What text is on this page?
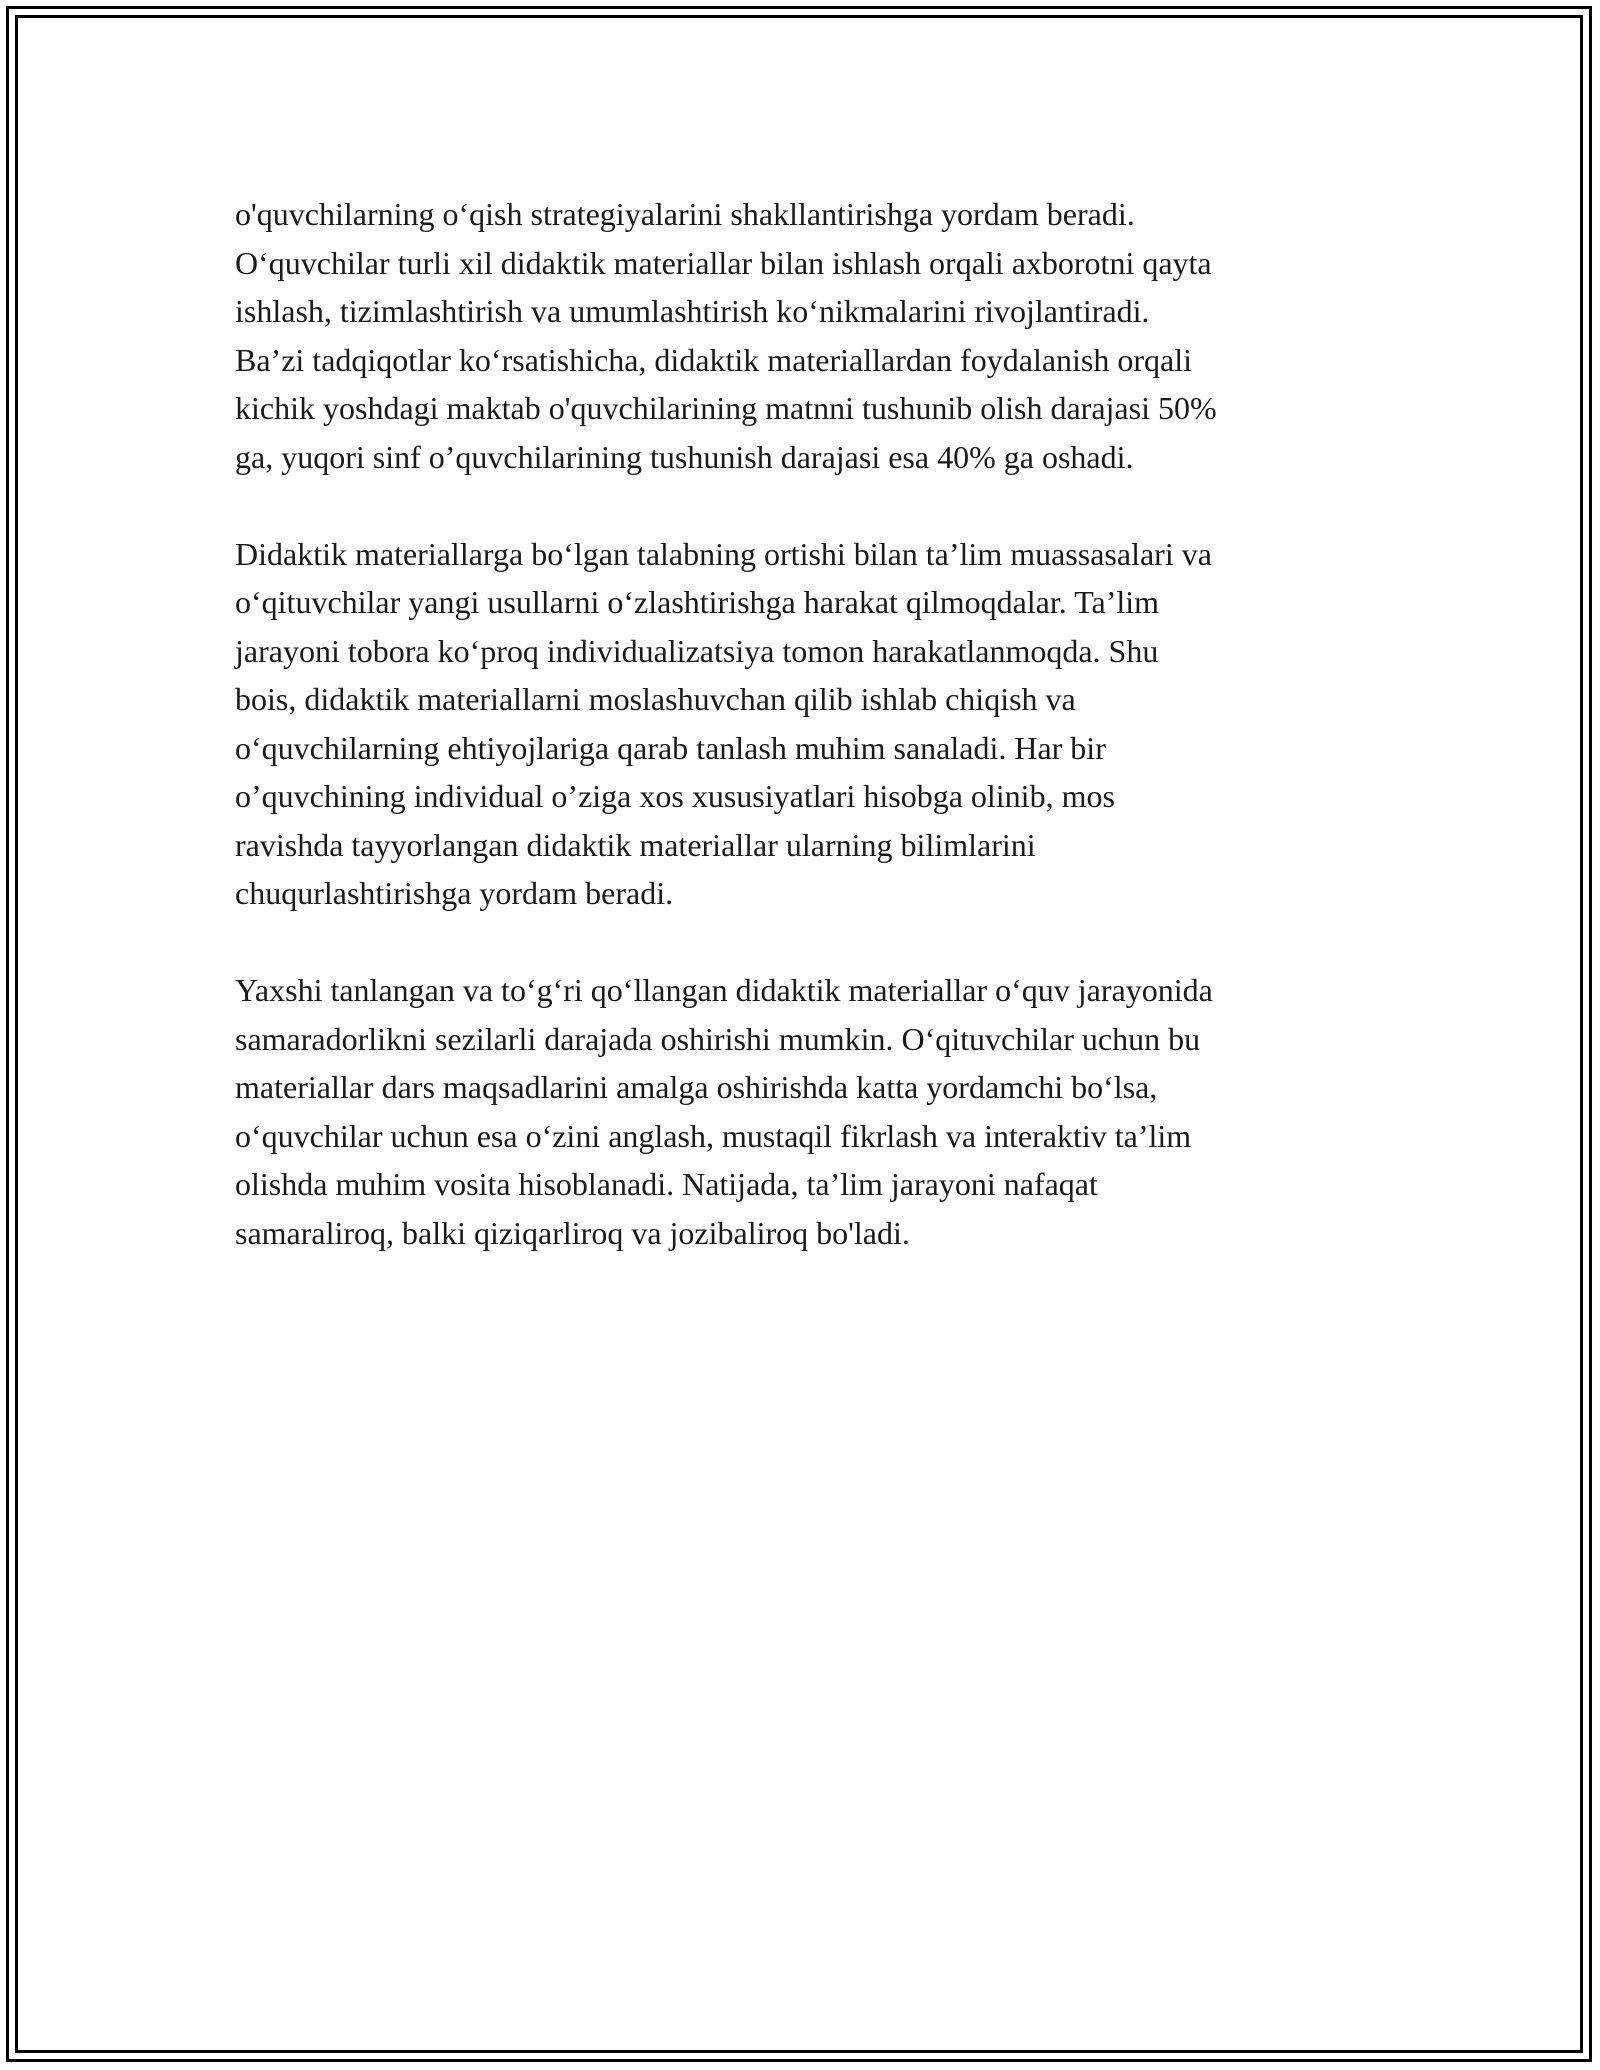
o'quvchilarning o‘qish strategiyalarini shakllantirishga yordam beradi.
O‘quvchilar turli xil didaktik materiallar bilan ishlash orqali axborotni qayta
ishlash, tizimlashtirish va umumlashtirish ko‘nikmalarini rivojlantiradi.
Ba’zi tadqiqotlar ko‘rsatishicha, didaktik materiallardan foydalanish orqali
kichik yoshdagi maktab o'quvchilarining matnni tushunib olish darajasi 50%
ga, yuqori sinf o’quvchilarining tushunish darajasi esa 40% ga oshadi.
Didaktik materiallarga bo‘lgan talabning ortishi bilan ta’lim muassasalari va
o‘qituvchilar yangi usullarni o‘zlashtirishga harakat qilmoqdalar. Ta’lim
jarayoni tobora ko‘proq individualizatsiya tomon harakatlanmoqda. Shu
bois, didaktik materiallarni moslashuvchan qilib ishlab chiqish va
o‘quvchilarning ehtiyojlariga qarab tanlash muhim sanaladi. Har bir
o’quvchining individual o’ziga xos xususiyatlari hisobga olinib, mos
ravishda tayyorlangan didaktik materiallar ularning bilimlarini
chuqurlashtirishga yordam beradi.
Yaxshi tanlangan va to‘g‘ri qo‘llangan didaktik materiallar o‘quv jarayonida
samaradorlikni sezilarli darajada oshirishi mumkin. O‘qituvchilar uchun bu
materiallar dars maqsadlarini amalga oshirishda katta yordamchi bo‘lsa,
o‘quvchilar uchun esa o‘zini anglash, mustaqil fikrlash va interaktiv ta’lim
olishda muhim vosita hisoblanadi. Natijada, ta’lim jarayoni nafaqat
samaraliroq, balki qiziqarliroq va jozibaliroq bo'ladi.
